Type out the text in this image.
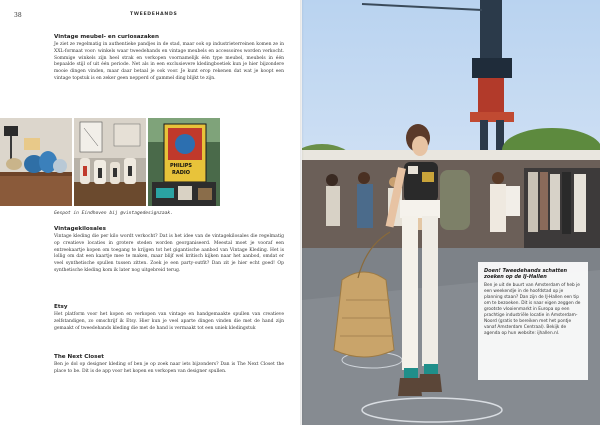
38	TWEEDEHANDS
Vintage meubel- en curiosazaken

Je ziet ze regelmatig in authentieke pandjes in de stad, maar ook op industrieterreinen komen ze in XXL-formaat voor: winkels waar tweedehands en vintage meubels en accessoires worden verkocht. Sommige winkels zijn heel strak en verkopen voornamelijk één type meubel, meubels in één bepaalde stijl of uit één periode. Net als in een exclusievere kledingboetiek kun je hier bijzondere mooie dingen vinden, maar daar betaal je ook voor. Je kunt erop rekenen dat wat je koopt een vintage topstuk is en zeker geen nepperd of gammel ding blijkt te zijn.

PHILIPS
RADIO
Gespot in Eindhoven bij @vintagedesignzaak.
Vintagekilosales

Vintage kleding die per kilo wordt verkocht? Dat is het idee van de vintagekilosales die regelmatig op creatieve locaties in grotere steden worden georganiseerd. Meestal moet je vooraf een entreekaartje kopen om toegang te krijgen tot het gigantische aanbod van Vintage Kleding. Het is lollig om dat een kaartje mee te maken, maar blijf wel kritisch kijken naar het aanbod, omdat er veel synthetische spullen tussen zitten. Zoek je een party-outfit? Dan zit je hier echt goed! Op synthetische kleding kom ik later nog uitgebreid terug.

Etsy

Het platform voor het kopen en verkopen van vintage en handgemaakte spullen van creatieve zelfstandigen, zo omschrijf ik Etsy. Hier kun je veel aparte dingen vinden die met de hand zijn gemaakt of tweedehands kleding die met de hand is vermaakt tot een uniek kledingstuk

The Next Closet

Ben je dol op designer kleding of ben je op zoek naar iets bijzonders? Dan is The Next Closet the place to be. Dit is de app voor het kopen en verkopen van designer spullen.

Doen! Tweedehands schatten zoeken op de IJ-Hallen

Ben je uit de buurt van Amsterdam of heb je een weekendje in de hoofdstad op je planning staan? Dan zijn de IJ-Hallen een tip om te bezoeken. Dit is naar eigen zeggen de grootste vlooienmarkt in Europa op een prachtige industriële locatie in Amsterdam-Noord (gratis te bereiken met het pontje vanaf Amsterdam Centraal). Bekijk de agenda op hun website: ijhallen.nl.
